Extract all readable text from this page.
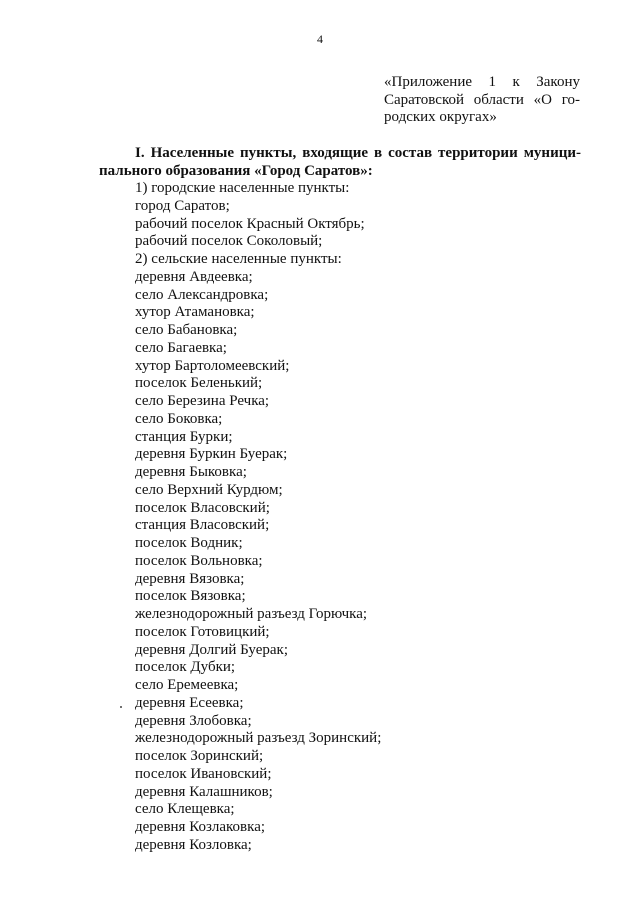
4
«Приложение 1 к Закону
Саратовской области «О го-
родских округах»
I. Населенные пункты, входящие в состав территории муници-
пального образования «Город Саратов»:
1) городские населенные пункты:
город Саратов;
рабочий поселок Красный Октябрь;
рабочий поселок Соколовый;
2) сельские населенные пункты:
деревня Авдеевка;
село Александровка;
хутор Атамановка;
село Бабановка;
село Багаевка;
хутор Бартоломеевский;
поселок Беленький;
село Березина Речка;
село Боковка;
станция Бурки;
деревня Буркин Буерак;
деревня Быковка;
село Верхний Курдюм;
поселок Власовский;
станция Власовский;
поселок Водник;
поселок Вольновка;
деревня Вязовка;
поселок Вязовка;
железнодорожный разъезд Горючка;
поселок Готовицкий;
деревня Долгий Буерак;
поселок Дубки;
село Еремеевка;
деревня Есеевка;
деревня Злобовка;
железнодорожный разъезд Зоринский;
поселок Зоринский;
поселок Ивановский;
деревня Калашников;
село Клещевка;
деревня Козлаковка;
деревня Козловка;
